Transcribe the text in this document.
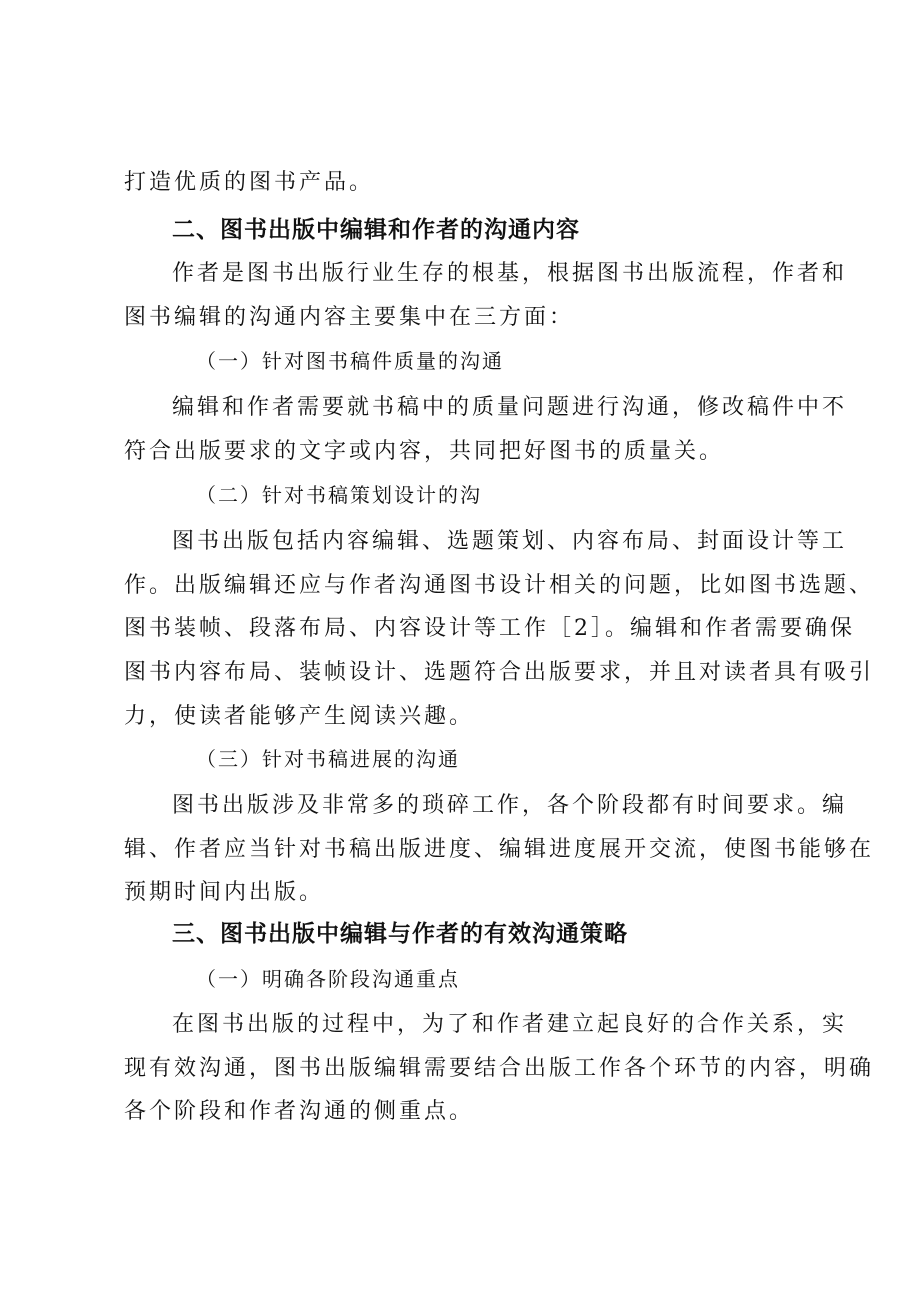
打造优质的图书产品。
二、图书出版中编辑和作者的沟通内容
作者是图书出版行业生存的根基，根据图书出版流程，作者和
图书编辑的沟通内容主要集中在三方面：
（一）针对图书稿件质量的沟通
编辑和作者需要就书稿中的质量问题进行沟通，修改稿件中不
符合出版要求的文字或内容，共同把好图书的质量关。
（二）针对书稿策划设计的沟
图书出版包括内容编辑、选题策划、内容布局、封面设计等工
作。出版编辑还应与作者沟通图书设计相关的问题，比如图书选题、
图书装帧、段落布局、内容设计等工作［2］。编辑和作者需要确保
图书内容布局、装帧设计、选题符合出版要求，并且对读者具有吸引
力，使读者能够产生阅读兴趣。
（三）针对书稿进展的沟通
图书出版涉及非常多的琐碎工作，各个阶段都有时间要求。编
辑、作者应当针对书稿出版进度、编辑进度展开交流，使图书能够在
预期时间内出版。
三、图书出版中编辑与作者的有效沟通策略
（一）明确各阶段沟通重点
在图书出版的过程中，为了和作者建立起良好的合作关系，实
现有效沟通，图书出版编辑需要结合出版工作各个环节的内容，明确
各个阶段和作者沟通的侧重点。
